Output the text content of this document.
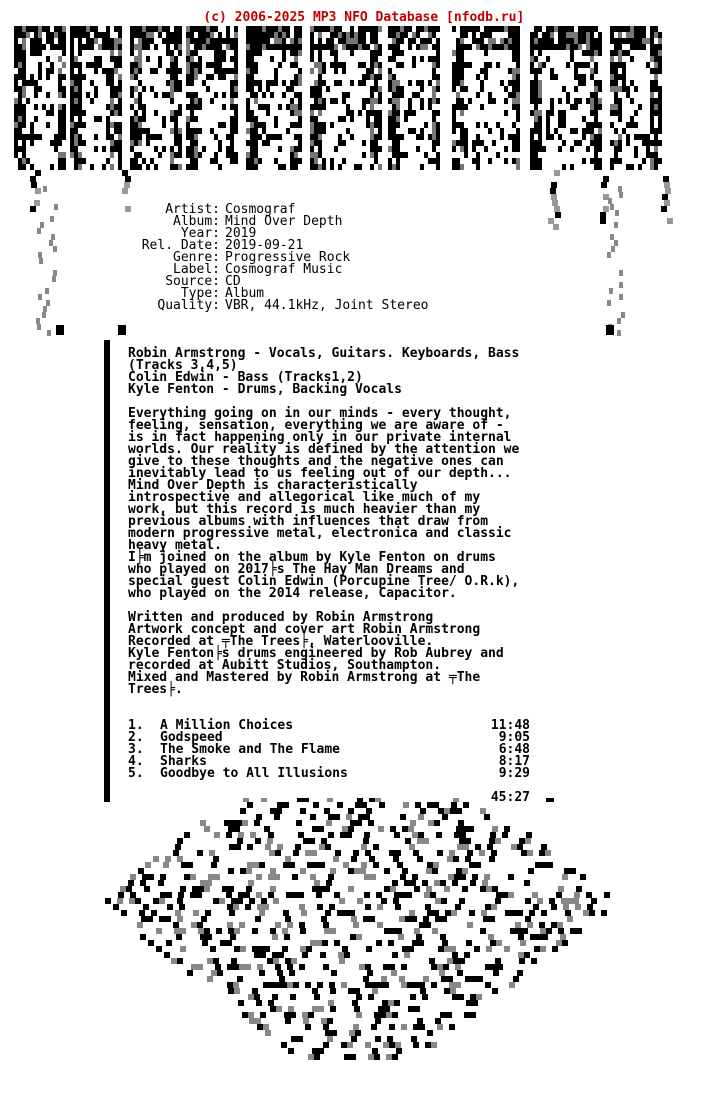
(c) 2006-2025 MP3 NFO Database [nfodb.ru]

Artist: Cosmograf
Album: Mind Over Depth
Year: 2019
Rel. Date: 2019-09-21
Genre: Progressive Rock
Label: Cosmograf Music
Source: CD
Type: Album
Quality: VBR, 44.1kHz, Joint Stereo
Robin Armstrong - Vocals, Guitars. Keyboards, Bass
(Tracks 3,4,5)
Colin Edwin - Bass (Tracks1,2)
Kyle Fenton - Drums, Backing Vocals
Everything going on in our minds - every thought,
feeling, sensation, everything we are aware of -
is in fact happening only in our private internal
worlds. Our reality is defined by the attention we
give to these thoughts and the negative ones can
inevitably lead to us feeling out of our depth...
Mind Over Depth is characteristically
introspective and allegorical like much of my
work, but this record is much heavier than my
previous albums with influences that draw from
modern progressive metal, electronica and classic
heavy metal.
I╞m joined on the album by Kyle Fenton on drums
who played on 2017╞s The Hay Man Dreams and
special guest Colin Edwin (Porcupine Tree/ O.R.k),
who played on the 2014 release, Capacitor.
Written and produced by Robin Armstrong
Artwork concept and cover art Robin Armstrong
Recorded at ╤The Trees╞, Waterlooville.
Kyle Fenton╞s drums engineered by Rob Aubrey and
recorded at Aubitt Studios, Southampton.
Mixed and Mastered by Robin Armstrong at ╤The
Trees╞.
1. A Million Choices	11:48
2. Godspeed	9:05
3. The Smoke and The Flame	6:48
4. Sharks	8:17
5. Goodbye to All Illusions	9:29

45:27
